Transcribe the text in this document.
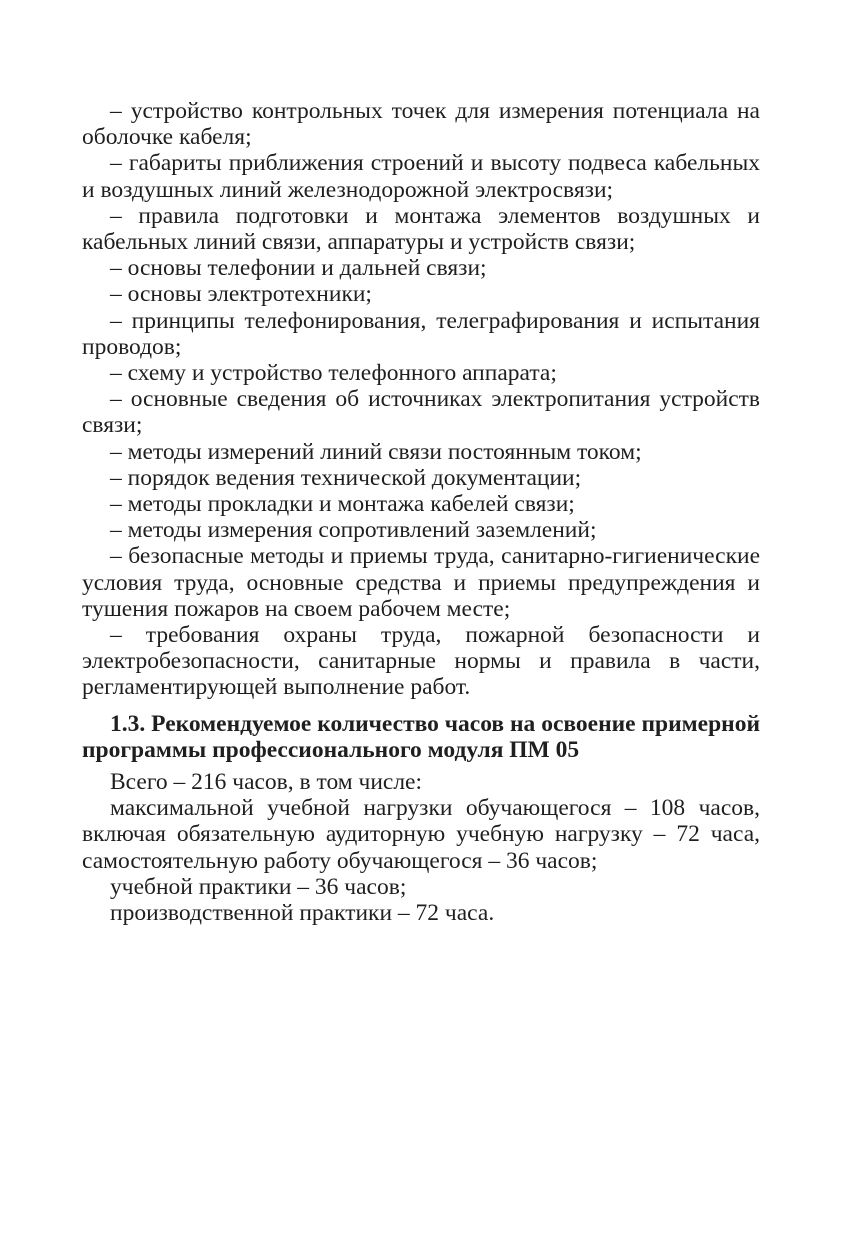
– устройство контрольных точек для измерения потенциала на оболочке кабеля;

– габариты приближения строений и высоту подвеса кабельных и воздушных линий железнодорожной электросвязи;

– правила подготовки и монтажа элементов воздушных и кабельных линий связи, аппаратуры и устройств связи;

– основы телефонии и дальней связи;

– основы электротехники;

– принципы телефонирования, телеграфирования и испытания проводов;

– схему и устройство телефонного аппарата;

– основные сведения об источниках электропитания устройств связи;

– методы измерений линий связи постоянным током;

– порядок ведения технической документации;

– методы прокладки и монтажа кабелей связи;

– методы измерения сопротивлений заземлений;

– безопасные методы и приемы труда, санитарно-гигиенические условия труда, основные средства и приемы предупреждения и тушения пожаров на своем рабочем месте;

– требования охраны труда, пожарной безопасности и электробезопасности, санитарные нормы и правила в части, регламентирующей выполнение работ.

1.3. Рекомендуемое количество часов на освоение примерной программы профессионального модуля ПМ 05

Всего – 216 часов, в том числе:

максимальной учебной нагрузки обучающегося – 108 часов, включая обязательную аудиторную учебную нагрузку – 72 часа, самостоятельную работу обучающегося – 36 часов;

учебной практики – 36 часов;

производственной практики – 72 часа.
